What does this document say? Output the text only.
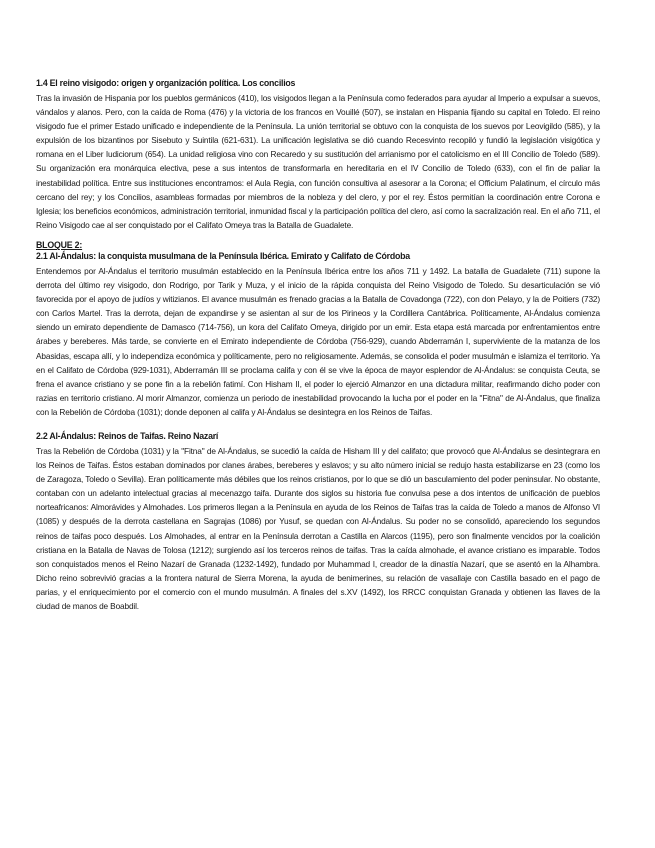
1.4 El reino visigodo: origen y organización política. Los concilios

Tras la invasión de Hispania por los pueblos germánicos (410), los visigodos llegan a la Península como federados para ayudar al Imperio a expulsar a suevos, vándalos y alanos. Pero, con la caída de Roma (476) y la victoria de los francos en Vouillé (507), se instalan en Hispania fijando su capital en Toledo. El reino visigodo fue el primer Estado unificado e independiente de la Península. La unión territorial se obtuvo con la conquista de los suevos por Leovigildo (585), y la expulsión de los bizantinos por Sisebuto y Suintila (621-631). La unificación legislativa se dió cuando Recesvinto recopiló y fundió la legislación visigótica y romana en el Liber Iudiciorum (654). La unidad religiosa vino con Recaredo y su sustitución del arrianismo por el catolicismo en el III Concilio de Toledo (589). Su organización era monárquica electiva, pese a sus intentos de transformarla en hereditaria en el IV Concilio de Toledo (633), con el fin de paliar la inestabilidad política. Entre sus instituciones encontramos: el Aula Regia, con función consultiva al asesorar a la Corona; el Officium Palatinum, el círculo más cercano del rey; y los Concilios, asambleas formadas por miembros de la nobleza y del clero, y por el rey. Éstos permitían la coordinación entre Corona e Iglesia; los beneficios económicos, administración territorial, inmunidad fiscal y la participación política del clero, así como la sacralización real. En el año 711, el Reino Visigodo cae al ser conquistado por el Califato Omeya tras la Batalla de Guadalete.

BLOQUE 2:
2.1 Al-Ándalus: la conquista musulmana de la Península Ibérica. Emirato y Califato de Córdoba

Entendemos por Al-Ándalus el territorio musulmán establecido en la Península Ibérica entre los años 711 y 1492. La batalla de Guadalete (711) supone la derrota del último rey visigodo, don Rodrigo, por Tarik y Muza, y el inicio de la rápida conquista del Reino Visigodo de Toledo. Su desarticulación se vió favorecida por el apoyo de judíos y witizianos. El avance musulmán es frenado gracias a la Batalla de Covadonga (722), con don Pelayo, y la de Poitiers (732) con Carlos Martel. Tras la derrota, dejan de expandirse y se asientan al sur de los Pirineos y la Cordillera Cantábrica. Políticamente, Al-Ándalus comienza siendo un emirato dependiente de Damasco (714-756), un kora del Califato Omeya, dirigido por un emir. Esta etapa está marcada por enfrentamientos entre árabes y bereberes. Más tarde, se convierte en el Emirato independiente de Córdoba (756-929), cuando Abderramán I, superviviente de la matanza de los Abasidas, escapa allí, y lo independiza económica y políticamente, pero no religiosamente. Además, se consolida el poder musulmán e islamiza el territorio. Ya en el Califato de Córdoba (929-1031), Abderramán III se proclama califa y con él se vive la época de mayor esplendor de Al-Ándalus: se conquista Ceuta, se frena el avance cristiano y se pone fin a la rebelión fatimí. Con Hisham II, el poder lo ejerció Almanzor en una dictadura militar, reafirmando dicho poder con razias en territorio cristiano. Al morir Almanzor, comienza un periodo de inestabilidad provocando la lucha por el poder en la "Fitna" de Al-Ándalus, que finaliza con la Rebelión de Córdoba (1031); donde deponen al califa y Al-Ándalus se desintegra en los Reinos de Taifas.

2.2 Al-Ándalus: Reinos de Taifas. Reino Nazarí

Tras la Rebelión de Córdoba (1031) y la "Fitna" de Al-Ándalus, se sucedió la caída de Hisham III y del califato; que provocó que Al-Ándalus se desintegrara en los Reinos de Taifas. Éstos estaban dominados por clanes árabes, bereberes y eslavos; y su alto número inicial se redujo hasta estabilizarse en 23 (como los de Zaragoza, Toledo o Sevilla). Eran políticamente más débiles que los reinos cristianos, por lo que se dió un basculamiento del poder peninsular. No obstante, contaban con un adelanto intelectual gracias al mecenazgo taifa. Durante dos siglos su historia fue convulsa pese a dos intentos de unificación de pueblos norteafricanos: Almorávides y Almohades. Los primeros llegan a la Península en ayuda de los Reinos de Taifas tras la caída de Toledo a manos de Alfonso VI (1085) y después de la derrota castellana en Sagrajas (1086) por Yusuf, se quedan con Al-Ándalus. Su poder no se consolidó, apareciendo los segundos reinos de taifas poco después. Los Almohades, al entrar en la Península derrotan a Castilla en Alarcos (1195), pero son finalmente vencidos por la coalición cristiana en la Batalla de Navas de Tolosa (1212); surgiendo así los terceros reinos de taifas. Tras la caída almohade, el avance cristiano es imparable. Todos son conquistados menos el Reino Nazarí de Granada (1232-1492), fundado por Muhammad I, creador de la dinastía Nazarí, que se asentó en la Alhambra. Dicho reino sobrevivió gracias a la frontera natural de Sierra Morena, la ayuda de benimerines, su relación de vasallaje con Castilla basado en el pago de parias, y el enriquecimiento por el comercio con el mundo musulmán. A finales del s.XV (1492), los RRCC conquistan Granada y obtienen las llaves de la ciudad de manos de Boabdil.
